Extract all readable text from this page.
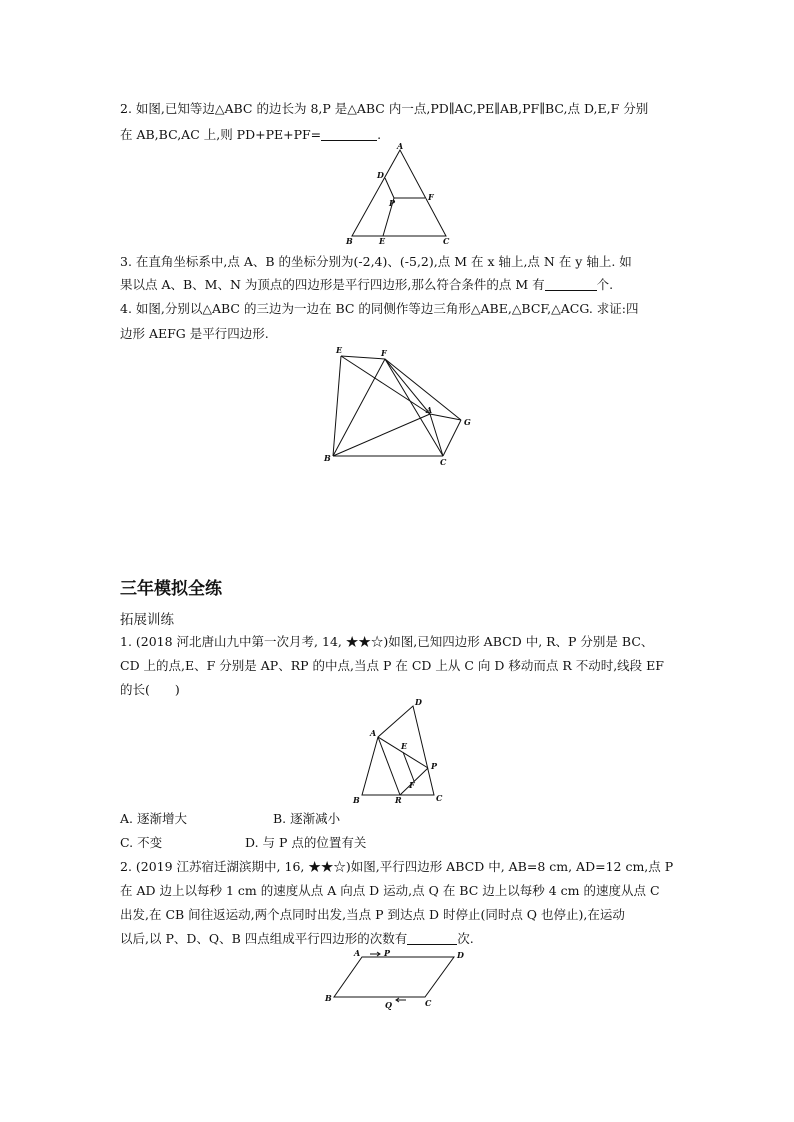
2. 如图,已知等边△ABC 的边长为 8,P 是△ABC 内一点,PD∥AC,PE∥AB,PF∥BC,点 D,E,F 分别
在 AB,BC,AC 上,则 PD+PE+PF=	.
A
D
P
F
B	E	C
3. 在直角坐标系中,点 A、B 的坐标分别为(-2,4)、(-5,2),点 M 在 x 轴上,点 N 在 y 轴上. 如
果以点 A、B、M、N 为顶点的四边形是平行四边形,那么符合条件的点 M 有	个.
4. 如图,分别以△ABC 的三边为一边在 BC 的同侧作等边三角形△ABE,△BCF,△ACG. 求证:四
边形 AEFG 是平行四边形.
E	F
A
G
B	C
三年模拟全练
拓展训练
1. (2018 河北唐山九中第一次月考, 14, ★★☆)如图,已知四边形 ABCD 中, R、P 分别是 BC、
CD 上的点,E、F 分别是 AP、RP 的中点,当点 P 在 CD 上从 C 向 D 移动而点 R 不动时,线段 EF
的长(　　)
A
D
E
P
F
B	R	C
A. 逐渐增大	B. 逐渐减小
C. 不变	D. 与 P 点的位置有关
2. (2019 江苏宿迁湖滨期中, 16, ★★☆)如图,平行四边形 ABCD 中, AB=8 cm, AD=12 cm,点 P
在 AD 边上以每秒 1 cm 的速度从点 A 向点 D 运动,点 Q 在 BC 边上以每秒 4 cm 的速度从点 C
出发,在 CB 间往返运动,两个点同时出发,当点 P 到达点 D 时停止(同时点 Q 也停止),在运动
以后,以 P、D、Q、B 四点组成平行四边形的次数有	次.
A	P	D
B
Q	C
